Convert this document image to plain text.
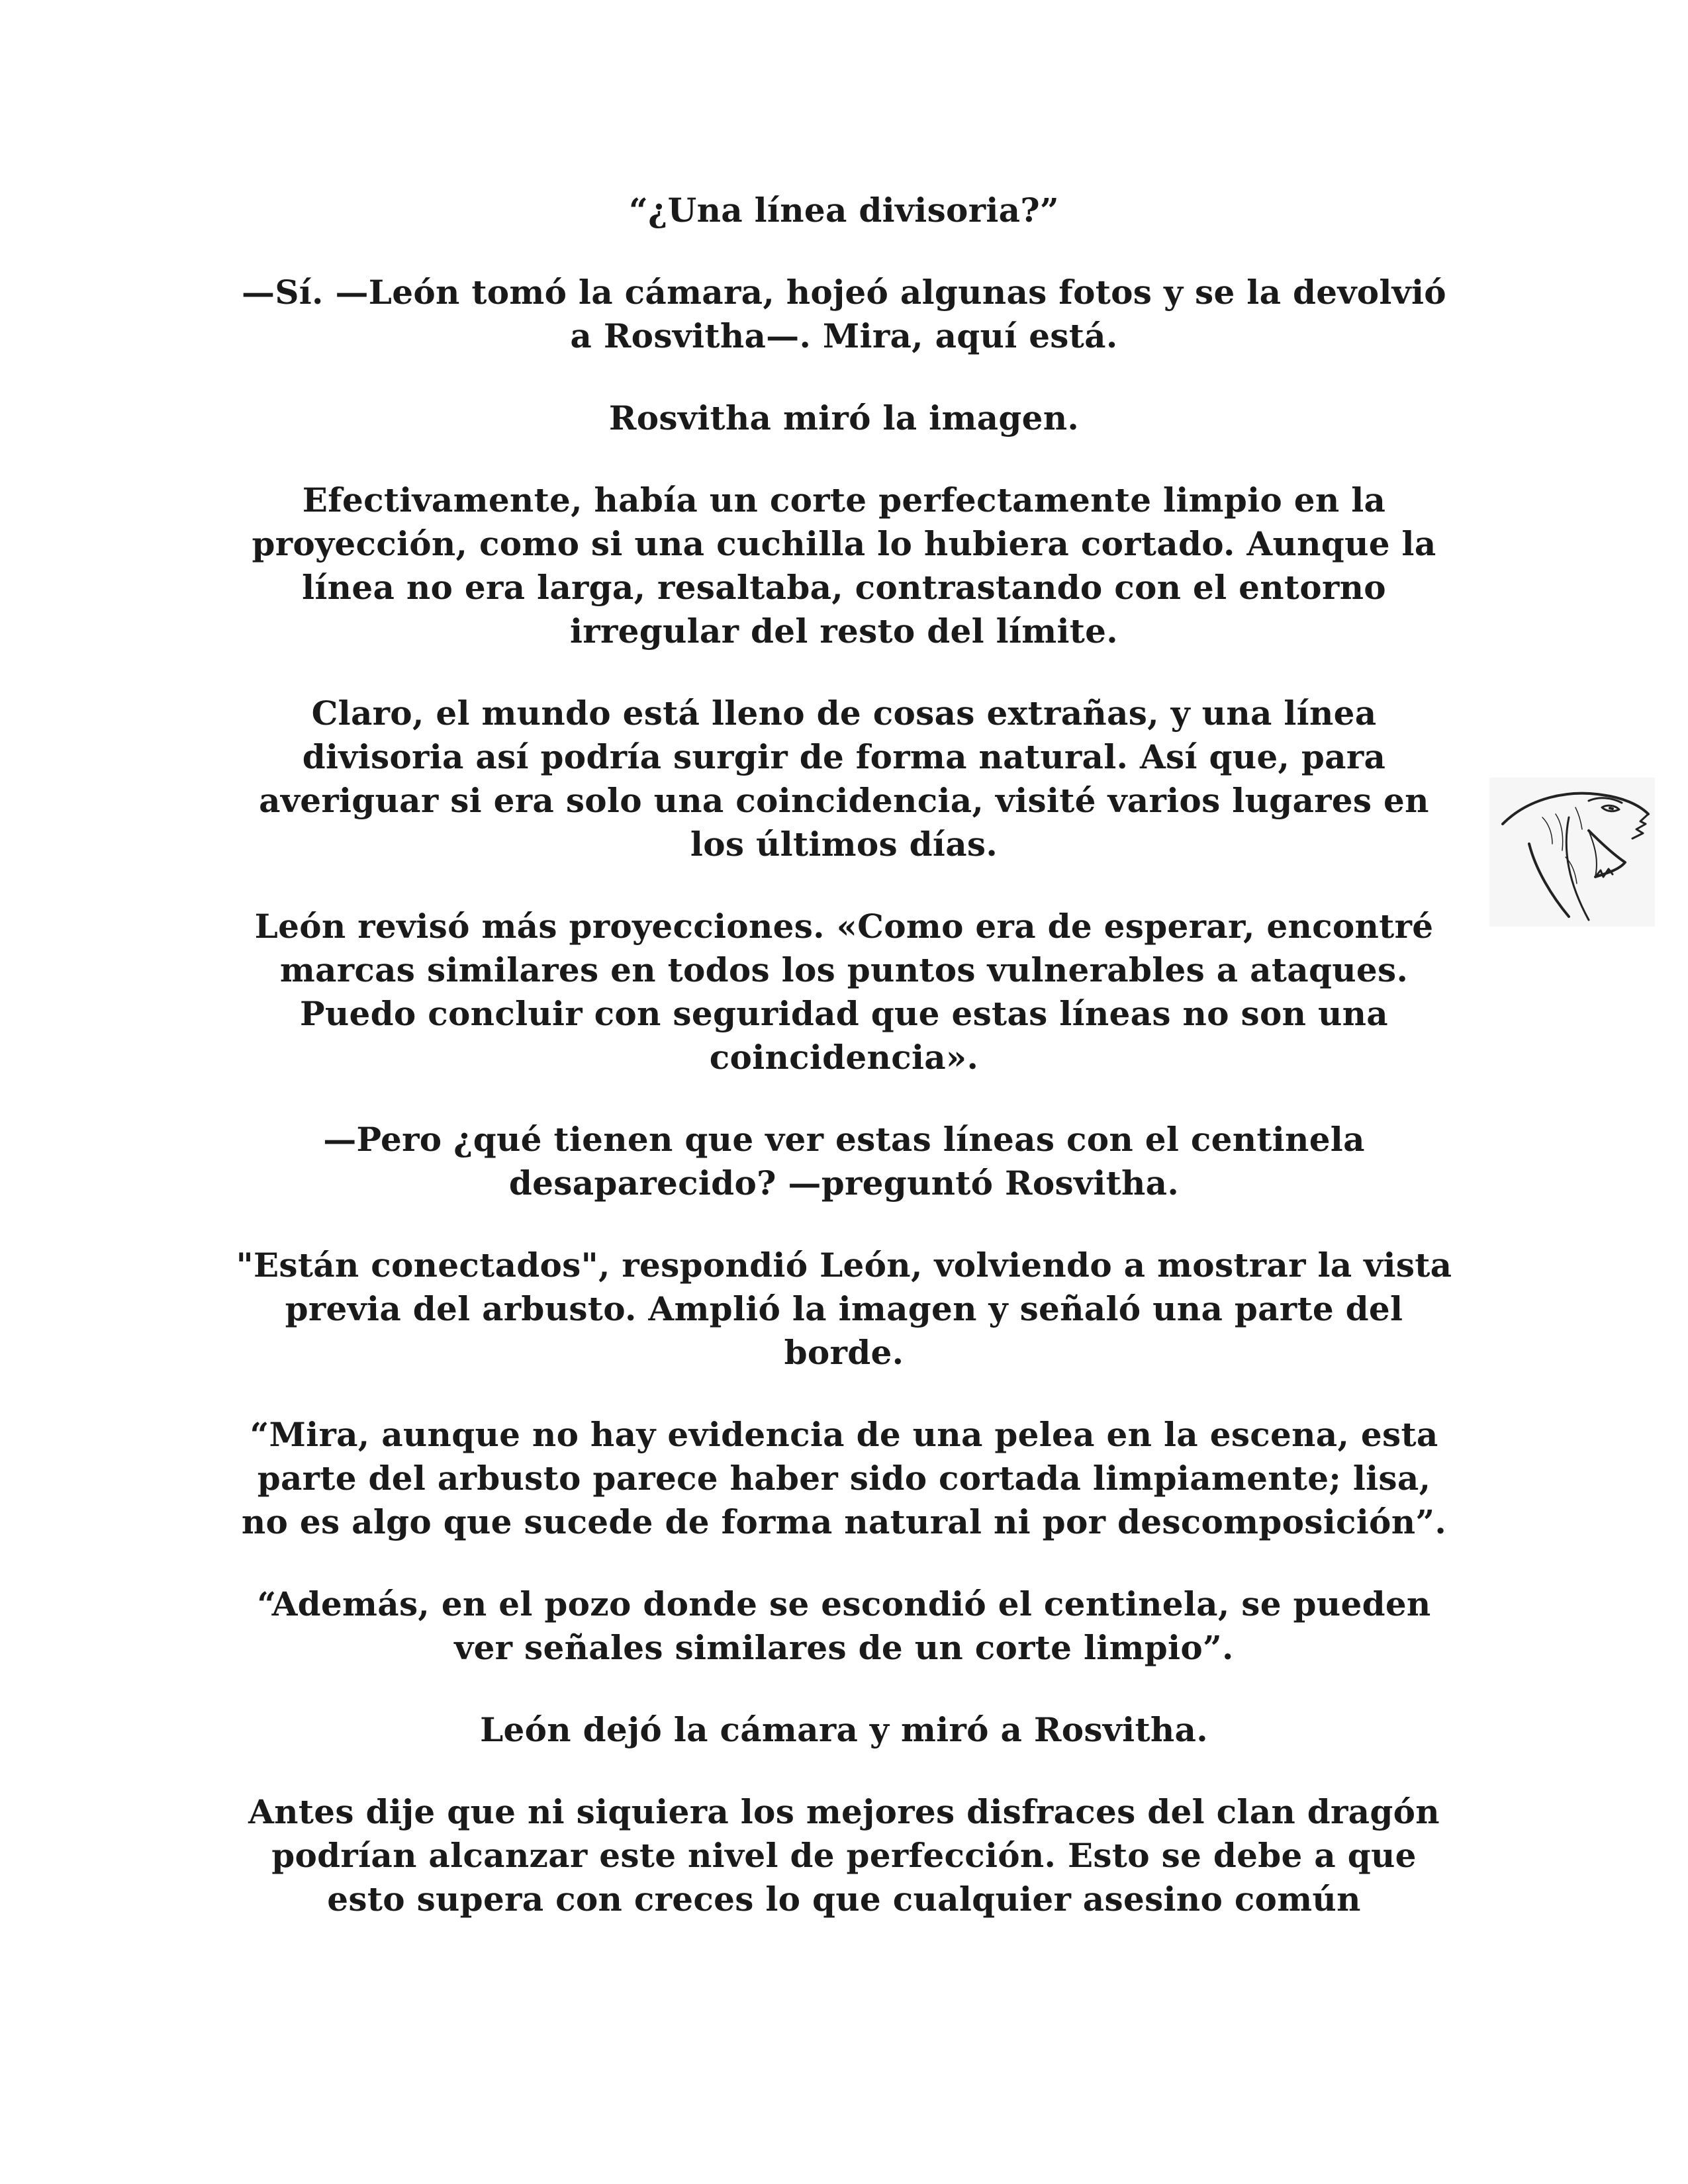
“¿Una línea divisoria?”

—Sí. —León tomó la cámara, hojeó algunas fotos y se la devolvió a Rosvitha—. Mira, aquí está.

Rosvitha miró la imagen.

Efectivamente, había un corte perfectamente limpio en la proyección, como si una cuchilla lo hubiera cortado. Aunque la línea no era larga, resaltaba, contrastando con el entorno irregular del resto del límite.

Claro, el mundo está lleno de cosas extrañas, y una línea divisoria así podría surgir de forma natural. Así que, para averiguar si era solo una coincidencia, visité varios lugares en los últimos días.

León revisó más proyecciones. «Como era de esperar, encontré marcas similares en todos los puntos vulnerables a ataques. Puedo concluir con seguridad que estas líneas no son una coincidencia».

—Pero ¿qué tienen que ver estas líneas con el centinela desaparecido? —preguntó Rosvitha.

"Están conectados", respondió León, volviendo a mostrar la vista previa del arbusto. Amplió la imagen y señaló una parte del borde.

“Mira, aunque no hay evidencia de una pelea en la escena, esta parte del arbusto parece haber sido cortada limpiamente; lisa, no es algo que sucede de forma natural ni por descomposición”.

“Además, en el pozo donde se escondió el centinela, se pueden ver señales similares de un corte limpio”.

León dejó la cámara y miró a Rosvitha.

Antes dije que ni siquiera los mejores disfraces del clan dragón podrían alcanzar este nivel de perfección. Esto se debe a que esto supera con creces lo que cualquier asesino común
